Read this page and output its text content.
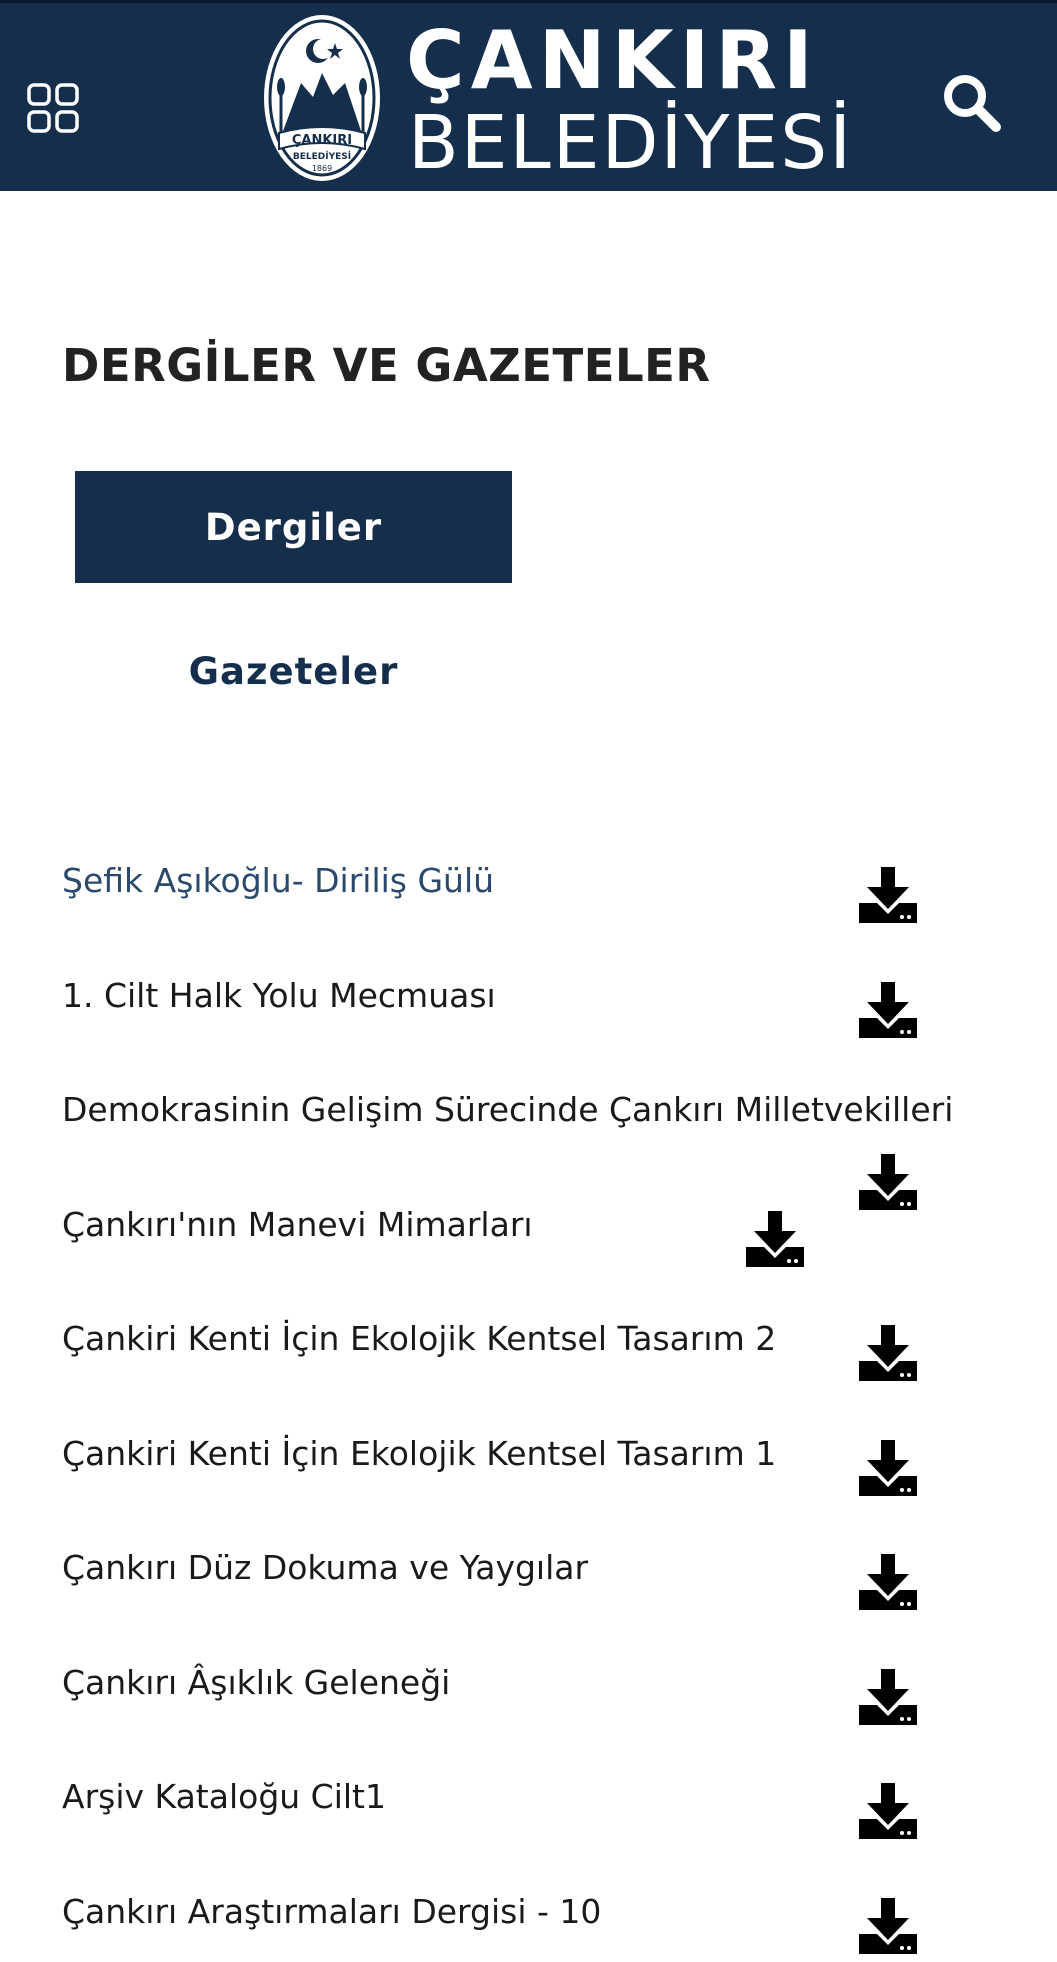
ÇANKIRI
BELEDİYESİ
1869
ÇANKIRI
BELEDİYESİ
DERGİLER VE GAZETELER
Dergiler
Gazeteler
Şefik Aşıkoğlu- Diriliş Gülü
1. Cilt Halk Yolu Mecmuası
Demokrasinin Gelişim Sürecinde Çankırı Milletvekilleri
Çankırı'nın Manevi Mimarları
Çankiri Kenti İçin Ekolojik Kentsel Tasarım 2
Çankiri Kenti İçin Ekolojik Kentsel Tasarım 1
Çankırı Düz Dokuma ve Yaygılar
Çankırı Âşıklık Geleneği
Arşiv Kataloğu Cilt1
Çankırı Araştırmaları Dergisi - 10
